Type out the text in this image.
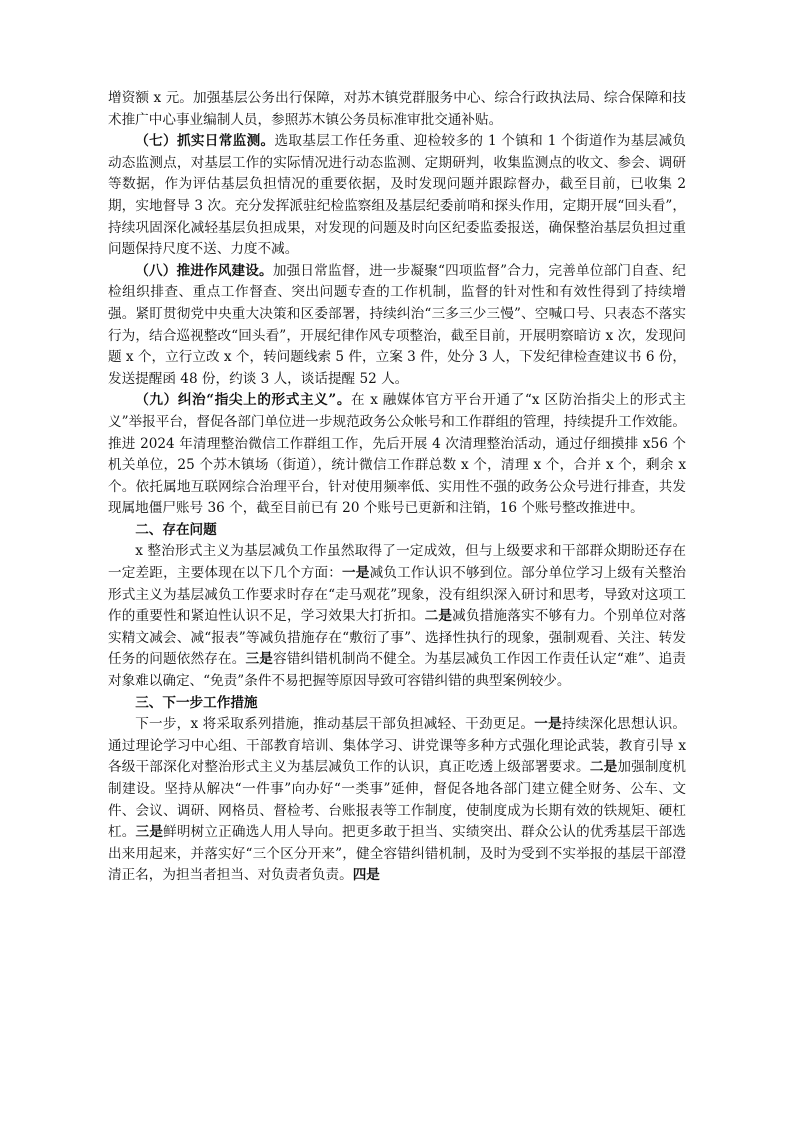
增资额 x 元。加强基层公务出行保障，对苏木镇党群服务中心、综合行政执法局、综合保障和技术推广中心事业编制人员，参照苏木镇公务员标准审批交通补贴。

（七）抓实日常监测。选取基层工作任务重、迎检较多的 1 个镇和 1 个街道作为基层减负动态监测点，对基层工作的实际情况进行动态监测、定期研判，收集监测点的收文、参会、调研等数据，作为评估基层负担情况的重要依据，及时发现问题并跟踪督办，截至目前，已收集 2 期，实地督导 3 次。充分发挥派驻纪检监察组及基层纪委前哨和探头作用，定期开展“回头看”，持续巩固深化减轻基层负担成果，对发现的问题及时向区纪委监委报送，确保整治基层负担过重问题保持尺度不送、力度不减。

（八）推进作风建设。加强日常监督，进一步凝聚“四项监督”合力，完善单位部门自查、纪检组织排查、重点工作督查、突出问题专查的工作机制，监督的针对性和有效性得到了持续增强。紧盯贯彻党中央重大决策和区委部署，持续纠治“三多三少三慢”、空喊口号、只表态不落实行为，结合巡视整改“回头看”，开展纪律作风专项整治，截至目前，开展明察暗访 x 次，发现问题 x 个，立行立改 x 个，转问题线索 5 件，立案 3 件，处分 3 人，下发纪律检查建议书 6 份，发送提醒函 48 份，约谈 3 人，谈话提醒 52 人。

（九）纠治“指尖上的形式主义”。在 x 融媒体官方平台开通了“x 区防治指尖上的形式主义”举报平台，督促各部门单位进一步规范政务公众帐号和工作群组的管理，持续提升工作效能。推进 2024 年清理整治微信工作群组工作，先后开展 4 次清理整治活动，通过仔细摸排 x56 个机关单位，25 个苏木镇场（街道），统计微信工作群总数 x 个，清理 x 个，合并 x 个，剩余 x 个。依托属地互联网综合治理平台，针对使用频率低、实用性不强的政务公众号进行排查，共发现属地僵尸账号 36 个，截至目前已有 20 个账号已更新和注销，16 个账号整改推进中。

二、存在问题

x 整治形式主义为基层减负工作虽然取得了一定成效，但与上级要求和干部群众期盼还存在一定差距，主要体现在以下几个方面：一是减负工作认识不够到位。部分单位学习上级有关整治形式主义为基层减负工作要求时存在“走马观花”现象，没有组织深入研讨和思考，导致对这项工作的重要性和紧迫性认识不足，学习效果大打折扣。二是减负措施落实不够有力。个别单位对落实精文减会、减“报表”等减负措施存在“敷衍了事”、选择性执行的现象，强制观看、关注、转发任务的问题依然存在。三是容错纠错机制尚不健全。为基层减负工作因工作责任认定“难”、追责对象难以确定、“免责”条件不易把握等原因导致可容错纠错的典型案例较少。

三、下一步工作措施

下一步，x 将采取系列措施，推动基层干部负担减轻、干劲更足。一是持续深化思想认识。通过理论学习中心组、干部教育培训、集体学习、讲党课等多种方式强化理论武装，教育引导 x 各级干部深化对整治形式主义为基层减负工作的认识，真正吃透上级部署要求。二是加强制度机制建设。坚持从解决“一件事”向办好“一类事”延伸，督促各地各部门建立健全财务、公车、文件、会议、调研、网格员、督检考、台账报表等工作制度，使制度成为长期有效的铁规矩、硬杠杠。三是鲜明树立正确选人用人导向。把更多敢于担当、实绩突出、群众公认的优秀基层干部选出来用起来，并落实好“三个区分开来”，健全容错纠错机制，及时为受到不实举报的基层干部澄清正名，为担当者担当、对负责者负责。四是
